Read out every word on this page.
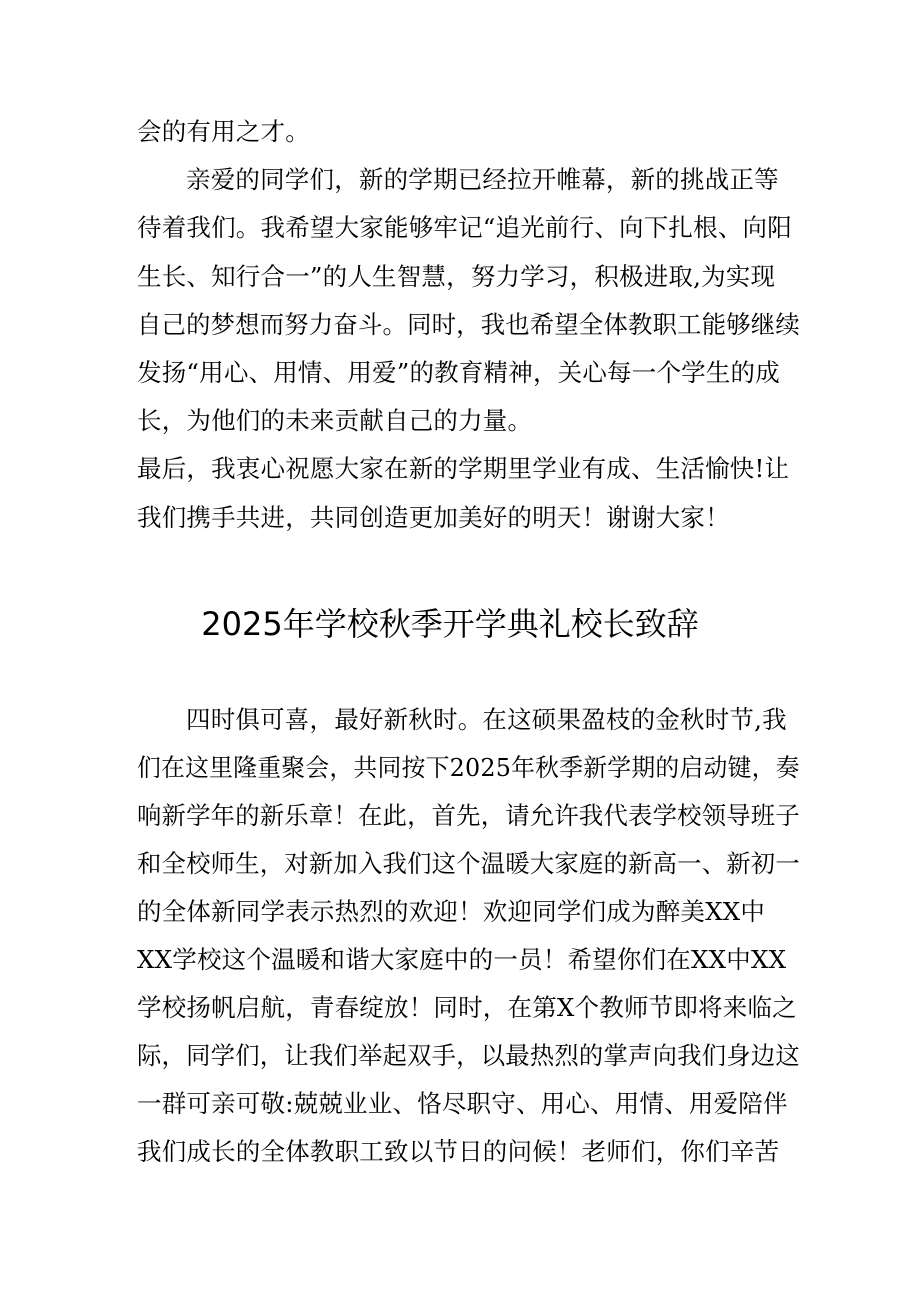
会的有用之才。
亲爱的同学们，新的学期已经拉开帷幕，新的挑战正等
待着我们。我希望大家能够牢记“追光前行、向下扎根、向阳
生长、知行合一”的人生智慧，努力学习，积极进取,为实现
自己的梦想而努力奋斗。同时，我也希望全体教职工能够继续
发扬“用心、用情、用爱”的教育精神，关心每一个学生的成
长，为他们的未来贡献自己的力量。
最后，我衷心祝愿大家在新的学期里学业有成、生活愉快!让
我们携手共进，共同创造更加美好的明天！谢谢大家！
2025年学校秋季开学典礼校长致辞
四时俱可喜，最好新秋时。在这硕果盈枝的金秋时节,我
们在这里隆重聚会，共同按下2025年秋季新学期的启动键，奏
响新学年的新乐章！在此，首先，请允许我代表学校领导班子
和全校师生，对新加入我们这个温暖大家庭的新高一、新初一
的全体新同学表示热烈的欢迎！欢迎同学们成为醉美XX中
XX学校这个温暖和谐大家庭中的一员！希望你们在XX中XX
学校扬帆启航，青春绽放！同时，在第X个教师节即将来临之
际，同学们，让我们举起双手，以最热烈的掌声向我们身边这
一群可亲可敬:兢兢业业、恪尽职守、用心、用情、用爱陪伴
我们成长的全体教职工致以节日的问候！老师们，你们辛苦
